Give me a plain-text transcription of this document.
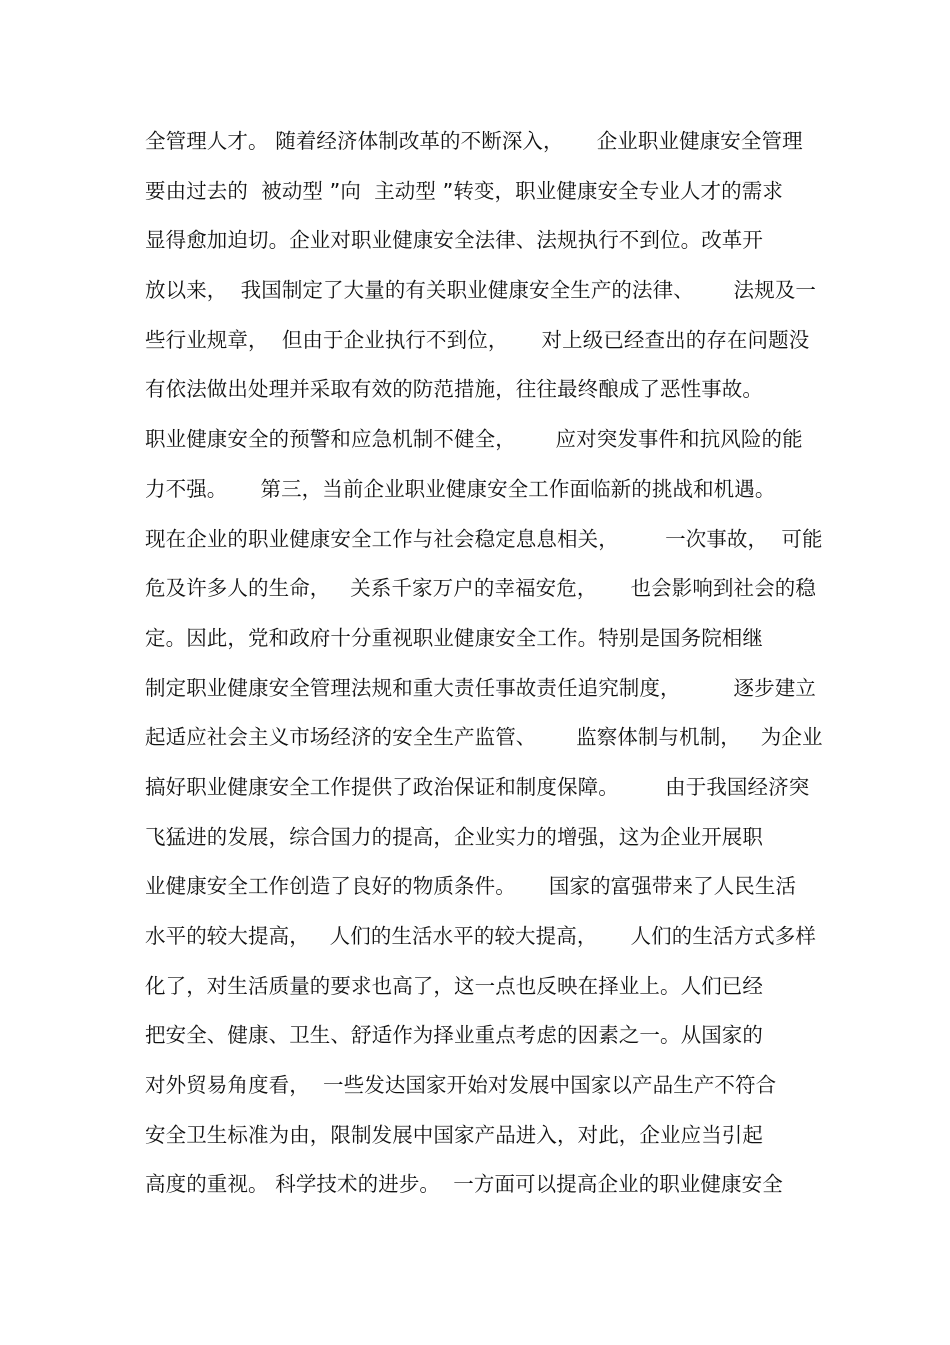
全管理人才。 随着经济体制改革的不断深入，     企业职业健康安全管理
要由过去的  被动型 ”向  主动型 ”转变，职业健康安全专业人才的需求
显得愈加迫切。企业对职业健康安全法律、法规执行不到位。改革开
放以来，  我国制定了大量的有关职业健康安全生产的法律、      法规及一
些行业规章，  但由于企业执行不到位，     对上级已经查出的存在问题没
有依法做出处理并采取有效的防范措施，往往最终酿成了恶性事故。
职业健康安全的预警和应急机制不健全，      应对突发事件和抗风险的能
力不强。     第三，当前企业职业健康安全工作面临新的挑战和机遇。
现在企业的职业健康安全工作与社会稳定息息相关，       一次事故，  可能
危及许多人的生命，   关系千家万户的幸福安危，     也会影响到社会的稳
定。因此，党和政府十分重视职业健康安全工作。特别是国务院相继
制定职业健康安全管理法规和重大责任事故责任追究制度，        逐步建立
起适应社会主义市场经济的安全生产监管、      监察体制与机制，   为企业
搞好职业健康安全工作提供了政治保证和制度保障。       由于我国经济突
飞猛进的发展，综合国力的提高，企业实力的增强，这为企业开展职
业健康安全工作创造了良好的物质条件。     国家的富强带来了人民生活
水平的较大提高，   人们的生活水平的较大提高，     人们的生活方式多样
化了，对生活质量的要求也高了，这一点也反映在择业上。人们已经
把安全、健康、卫生、舒适作为择业重点考虑的因素之一。从国家的
对外贸易角度看，  一些发达国家开始对发展中国家以产品生产不符合
安全卫生标准为由，限制发展中国家产品进入，对此，企业应当引起
高度的重视。 科学技术的进步。  一方面可以提高企业的职业健康安全
